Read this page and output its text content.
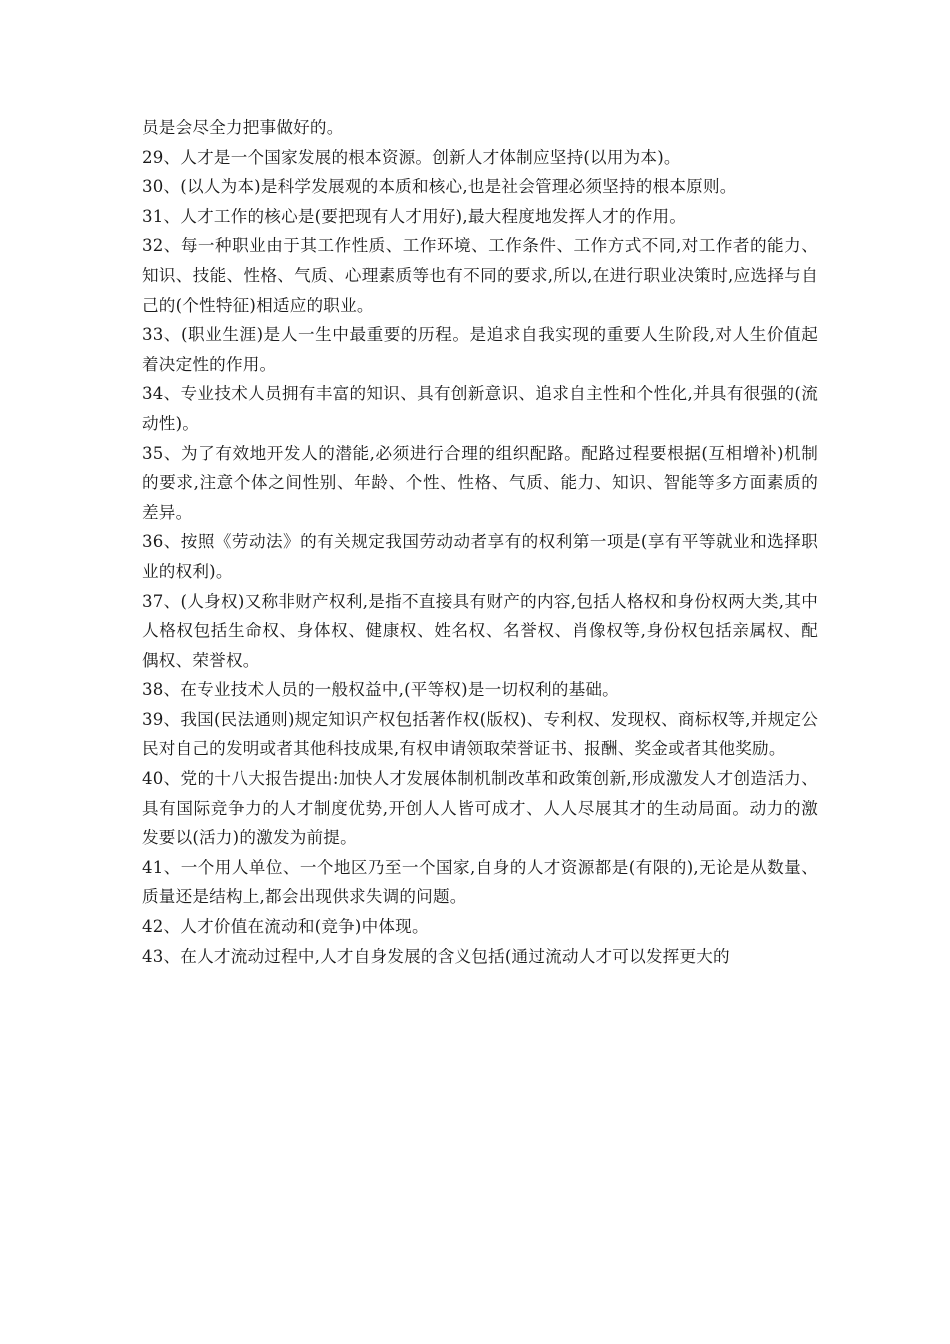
员是会尽全力把事做好的。

29、人才是一个国家发展的根本资源。创新人才体制应坚持(以用为本)。

30、(以人为本)是科学发展观的本质和核心,也是社会管理必须坚持的根本原则。

31、人才工作的核心是(要把现有人才用好),最大程度地发挥人才的作用。

32、每一种职业由于其工作性质、工作环境、工作条件、工作方式不同,对工作者的能力、知识、技能、性格、气质、心理素质等也有不同的要求,所以,在进行职业决策时,应选择与自己的(个性特征)相适应的职业。

33、(职业生涯)是人一生中最重要的历程。是追求自我实现的重要人生阶段,对人生价值起着决定性的作用。

34、专业技术人员拥有丰富的知识、具有创新意识、追求自主性和个性化,并具有很强的(流动性)。

35、为了有效地开发人的潜能,必须进行合理的组织配路。配路过程要根据(互相增补)机制的要求,注意个体之间性别、年龄、个性、性格、气质、能力、知识、智能等多方面素质的差异。

36、按照《劳动法》的有关规定我国劳动动者享有的权利第一项是(享有平等就业和选择职业的权利)。

37、(人身权)又称非财产权利,是指不直接具有财产的内容,包括人格权和身份权两大类,其中人格权包括生命权、身体权、健康权、姓名权、名誉权、肖像权等,身份权包括亲属权、配偶权、荣誉权。

38、在专业技术人员的一般权益中,(平等权)是一切权利的基础。

39、我国(民法通则)规定知识产权包括著作权(版权)、专利权、发现权、商标权等,并规定公民对自己的发明或者其他科技成果,有权申请领取荣誉证书、报酬、奖金或者其他奖励。

40、党的十八大报告提出:加快人才发展体制机制改革和政策创新,形成激发人才创造活力、具有国际竞争力的人才制度优势,开创人人皆可成才、人人尽展其才的生动局面。动力的激发要以(活力)的激发为前提。

41、一个用人单位、一个地区乃至一个国家,自身的人才资源都是(有限的),无论是从数量、质量还是结构上,都会出现供求失调的问题。

42、人才价值在流动和(竞争)中体现。

43、在人才流动过程中,人才自身发展的含义包括(通过流动人才可以发挥更大的
